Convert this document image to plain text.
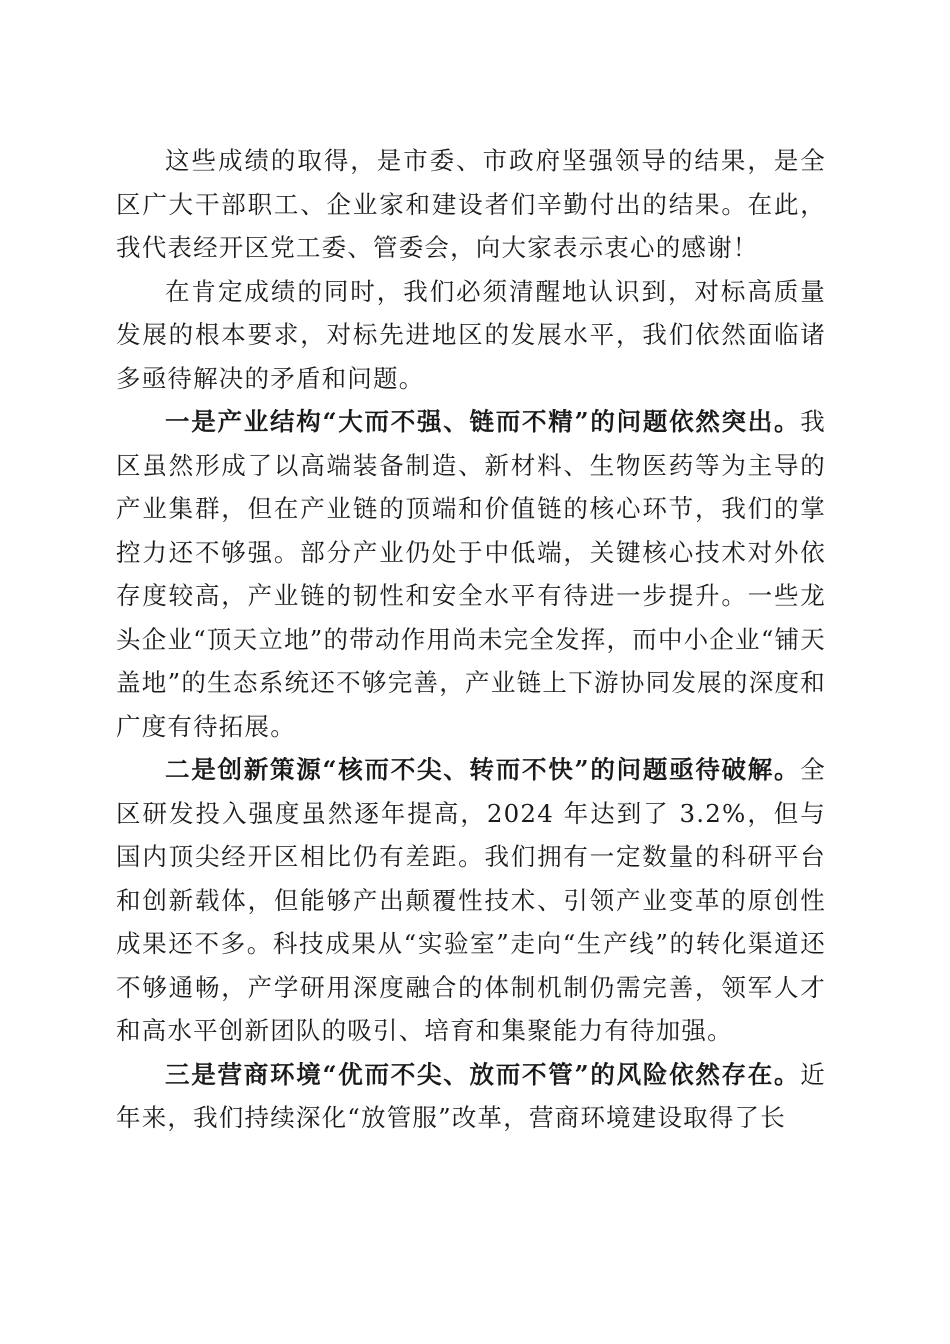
这些成绩的取得，是市委、市政府坚强领导的结果，是全区广大干部职工、企业家和建设者们辛勤付出的结果。在此，我代表经开区党工委、管委会，向大家表示衷心的感谢！

在肯定成绩的同时，我们必须清醒地认识到，对标高质量发展的根本要求，对标先进地区的发展水平，我们依然面临诸多亟待解决的矛盾和问题。

一是产业结构“大而不强、链而不精”的问题依然突出。我区虽然形成了以高端装备制造、新材料、生物医药等为主导的产业集群，但在产业链的顶端和价值链的核心环节，我们的掌控力还不够强。部分产业仍处于中低端，关键核心技术对外依存度较高，产业链的韧性和安全水平有待进一步提升。一些龙头企业“顶天立地”的带动作用尚未完全发挥，而中小企业“铺天盖地”的生态系统还不够完善，产业链上下游协同发展的深度和广度有待拓展。

二是创新策源“核而不尖、转而不快”的问题亟待破解。全区研发投入强度虽然逐年提高，2024 年达到了 3.2%，但与国内顶尖经开区相比仍有差距。我们拥有一定数量的科研平台和创新载体，但能够产出颠覆性技术、引领产业变革的原创性成果还不多。科技成果从“实验室”走向“生产线”的转化渠道还不够通畅，产学研用深度融合的体制机制仍需完善，领军人才和高水平创新团队的吸引、培育和集聚能力有待加强。

三是营商环境“优而不尖、放而不管”的风险依然存在。近年来，我们持续深化“放管服”改革，营商环境建设取得了长
